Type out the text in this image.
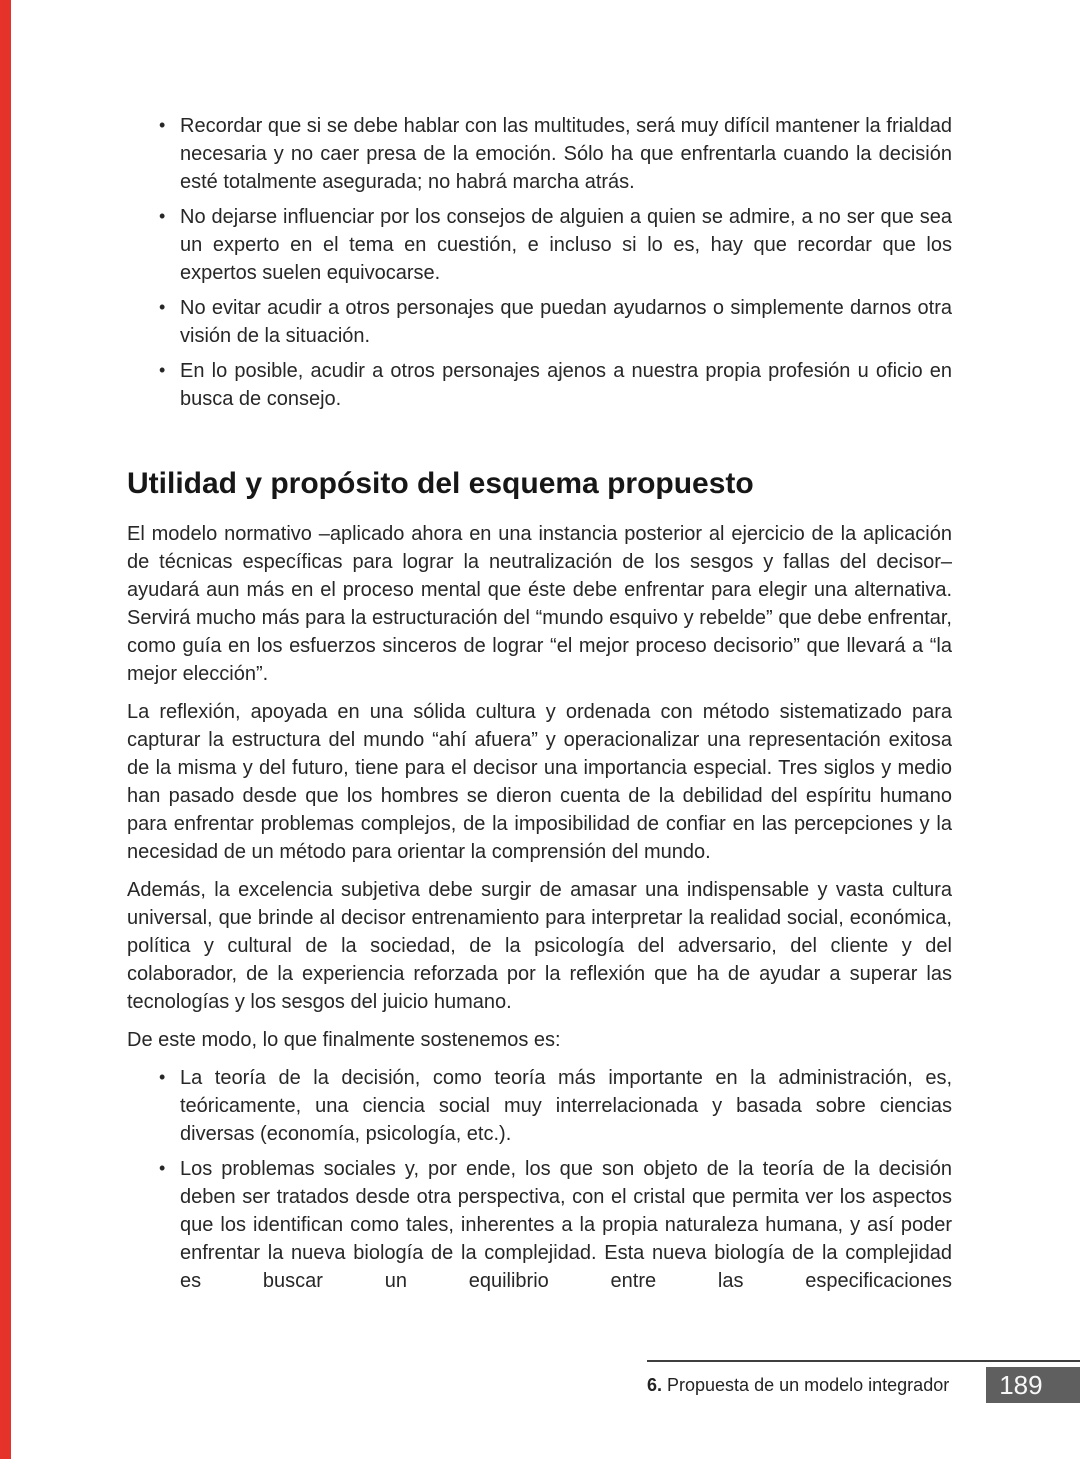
• Recordar que si se debe hablar con las multitudes, será muy difícil mantener la frialdad necesaria y no caer presa de la emoción. Sólo ha que enfrentarla cuando la decisión esté totalmente asegurada; no habrá marcha atrás.
• No dejarse influenciar por los consejos de alguien a quien se admire, a no ser que sea un experto en el tema en cuestión, e incluso si lo es, hay que recordar que los expertos suelen equivocarse.
• No evitar acudir a otros personajes que puedan ayudarnos o simplemente darnos otra visión de la situación.
• En lo posible, acudir a otros personajes ajenos a nuestra propia profesión u oficio en busca de consejo.
Utilidad y propósito del esquema propuesto

El modelo normativo –aplicado ahora en una instancia posterior al ejercicio de la aplicación de técnicas específicas para lograr la neutralización de los sesgos y fallas del decisor– ayudará aun más en el proceso mental que éste debe enfrentar para elegir una alternativa. Servirá mucho más para la estructuración del “mundo esquivo y rebelde” que debe enfrentar, como guía en los esfuerzos sinceros de lograr “el mejor proceso decisorio” que llevará a “la mejor elección”.

La reflexión, apoyada en una sólida cultura y ordenada con método sistematizado para capturar la estructura del mundo “ahí afuera” y operacionalizar una representación exitosa de la misma y del futuro, tiene para el decisor una importancia especial. Tres siglos y medio han pasado desde que los hombres se dieron cuenta de la debilidad del espíritu humano para enfrentar problemas complejos, de la imposibilidad de confiar en las percepciones y la necesidad de un método para orientar la comprensión del mundo.

Además, la excelencia subjetiva debe surgir de amasar una indispensable y vasta cultura universal, que brinde al decisor entrenamiento para interpretar la realidad social, económica, política y cultural de la sociedad, de la psicología del adversario, del cliente y del colaborador, de la experiencia reforzada por la reflexión que ha de ayudar a superar las tecnologías y los sesgos del juicio humano.

De este modo, lo que finalmente sostenemos es:

• La teoría de la decisión, como teoría más importante en la administración, es, teóricamente, una ciencia social muy interrelacionada y basada sobre ciencias diversas (economía, psicología, etc.).
• Los problemas sociales y, por ende, los que son objeto de la teoría de la decisión deben ser tratados desde otra perspectiva, con el cristal que permita ver los aspectos que los identifican como tales, inherentes a la propia naturaleza humana, y así poder enfrentar la nueva biología de la complejidad. Esta nueva biología de la complejidad es buscar un equilibrio entre las especificaciones
6. Propuesta de un modelo integrador 189
